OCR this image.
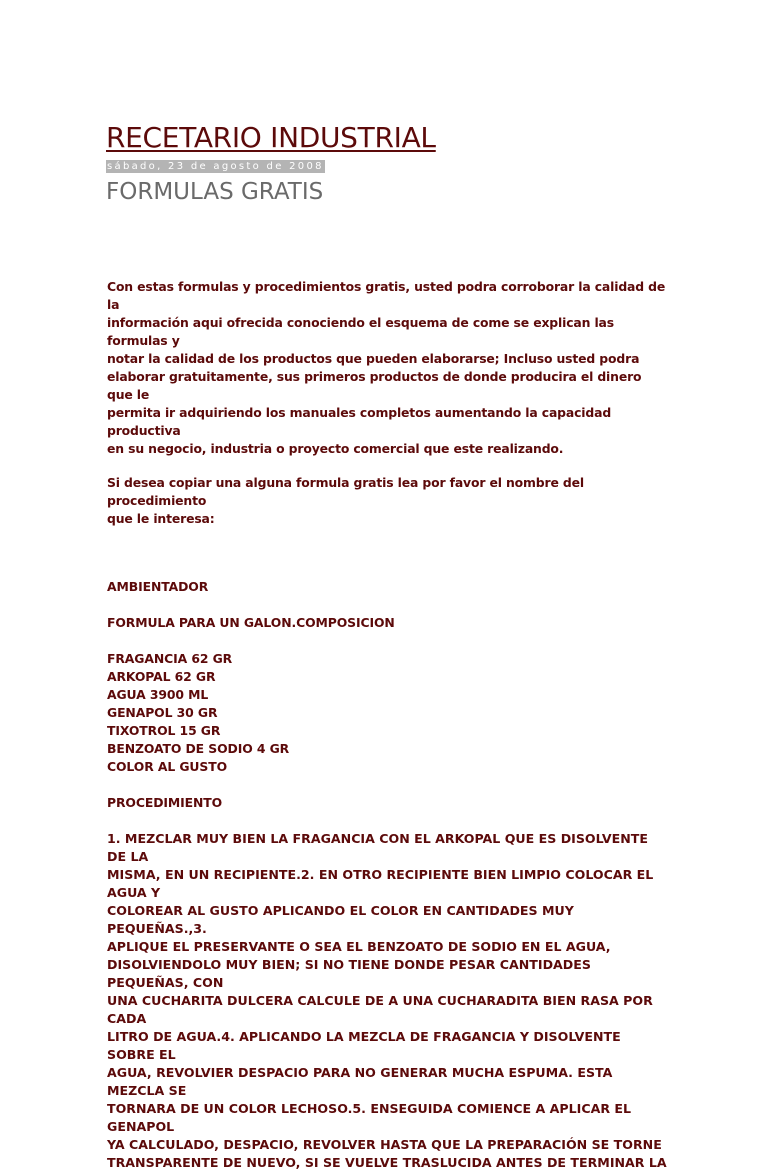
RECETARIO INDUSTRIAL
sábado, 23 de agosto de 2008
FORMULAS GRATIS
Con estas formulas y procedimientos gratis, usted podra corroborar la calidad de la
información aqui ofrecida conociendo el esquema de come se explican las formulas y
notar la calidad de los productos que pueden elaborarse; Incluso usted podra
elaborar gratuitamente, sus primeros productos de donde producira el dinero que le
permita ir adquiriendo los manuales completos aumentando la capacidad productiva
en su negocio, industria o proyecto comercial que este realizando.
Si desea copiar una alguna formula gratis lea por favor el nombre del procedimiento
que le interesa:
AMBIENTADOR
FORMULA PARA UN GALON.COMPOSICION
FRAGANCIA 62 GR
ARKOPAL 62 GR
AGUA 3900 ML
GENAPOL 30 GR
TIXOTROL 15 GR
BENZOATO DE SODIO 4 GR
COLOR AL GUSTO
PROCEDIMIENTO
1. MEZCLAR MUY BIEN LA FRAGANCIA CON EL ARKOPAL QUE ES DISOLVENTE DE LA
MISMA, EN UN RECIPIENTE.2. EN OTRO RECIPIENTE BIEN LIMPIO COLOCAR EL AGUA Y
COLOREAR AL GUSTO APLICANDO EL COLOR EN CANTIDADES MUY PEQUEÑAS.,3.
APLIQUE EL PRESERVANTE O SEA EL BENZOATO DE SODIO EN EL AGUA,
DISOLVIENDOLO MUY BIEN; SI NO TIENE DONDE PESAR CANTIDADES PEQUEÑAS, CON
UNA CUCHARITA DULCERA CALCULE DE A UNA CUCHARADITA BIEN RASA POR CADA
LITRO DE AGUA.4. APLICANDO LA MEZCLA DE FRAGANCIA Y DISOLVENTE SOBRE EL
AGUA, REVOLVIER DESPACIO PARA NO GENERAR MUCHA ESPUMA. ESTA MEZCLA SE
TORNARA DE UN COLOR LECHOSO.5. ENSEGUIDA COMIENCE A APLICAR EL GENAPOL
YA CALCULADO, DESPACIO, REVOLVER HASTA QUE LA PREPARACIÓN SE TORNE
TRANSPARENTE DE NUEVO, SI SE VUELVE TRASLUCIDA ANTES DE TERMINAR LA
